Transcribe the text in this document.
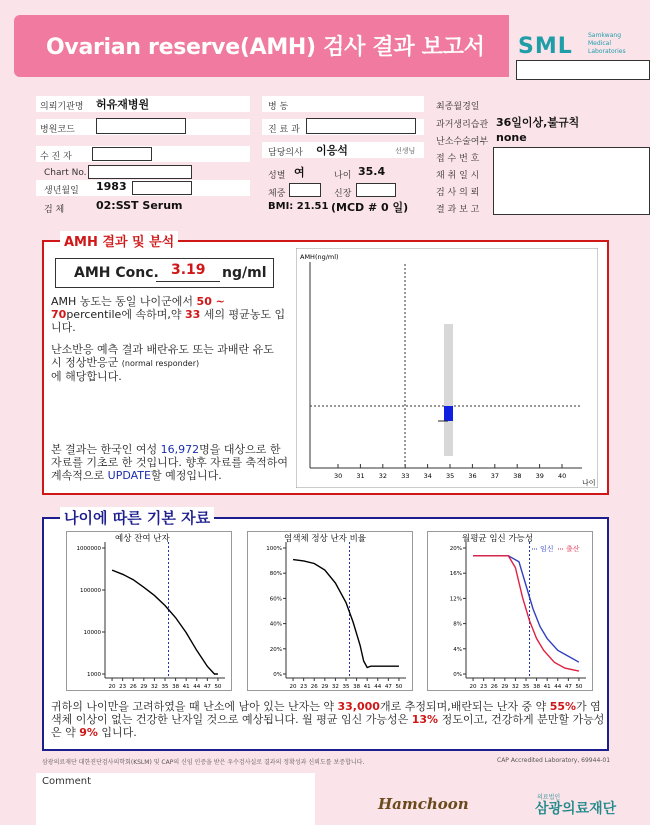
Ovarian reserve(AMH) 검사 결과 보고서 SML	Samkwang
Medical
Laboratories
의뢰기관명 허유재병원
병원코드
수 진 자
Chart No.
생년월일 1983
검 체	02:SST Serum
병 동
진 료 과
담당의사 이응석	선생님
성별 여	나이 35.4
체중	신장
BMI: 21.51 (MCD # 0 일)
최종월경일
과거생리습관 36일이상,불규칙
난소수술여부 none
접 수 번 호
채 취 일 시
검 사 의 뢰
결 과 보 고
AMH 결과 및 분석
AMH Conc. 3.19 ng/ml
AMH 농도는 동일 나이군에서 50 ~ 70percentile에 속하며,약 33 세의 평균농도 입니다.
난소반응 예측 결과 배란유도 또는 과배란 유도시 정상반응군 (normal responder)
에 해당합니다.
본 결과는 한국인 여성 16,972명을 대상으로 한 자료를 기초로 한 것입니다. 향후 자료를 축적하여 계속적으로 UPDATE할 예정입니다.
AMH(ng/ml)
30 31 32 33 34 35 36 37 38 39 40
나이
나이에 따른 기본 자료
예상 잔여 난자
1000000
100000
10000
1000
20 23 26 29 32 35 38 41 44 47 50
염색체 정상 난자 비율
100%
80%
60%
40%
20%
0%
20 23 26 29 32 35 38 41 44 47 50
월평균 임신 가능성
20%
16%
12%
8%
4%
0%
20 23 26 29 32 35 38 41 44 47 50
임신 출산
귀하의 나이만을 고려하였을 때 난소에 남아 있는 난자는 약 33,000개로 추정되며,배란되는 난자 중 약 55%가 염색체 이상이 없는 건강한 난자일 것으로 예상됩니다. 월 평균 임신 가능성은 13% 정도이고, 건강하게 분만할 가능성은 약 9% 입니다.
삼광의료재단 대한진단검사의학회(KSLM) 및 CAP의 신임 인증을 받은 우수검사실로 결과의 정확성과 신뢰도를 보증합니다.	CAP Accredited Laboratory, 69944-01
Comment
Hamchoon	의료법인
삼광의료재단
